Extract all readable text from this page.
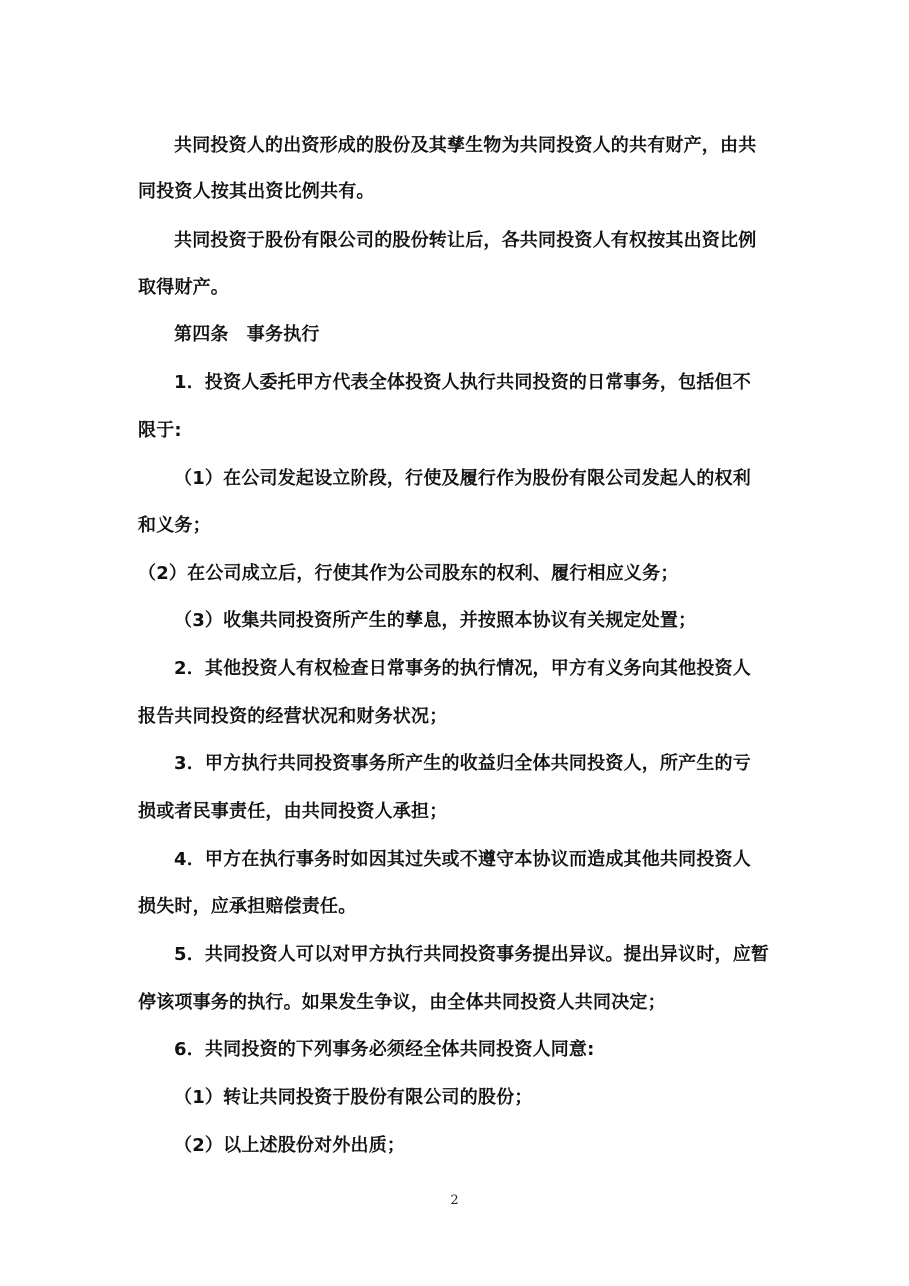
共同投资人的出资形成的股份及其孳生物为共同投资人的共有财产，由共
同投资人按其出资比例共有。
共同投资于股份有限公司的股份转让后，各共同投资人有权按其出资比例
取得财产。
第四条　事务执行
1．投资人委托甲方代表全体投资人执行共同投资的日常事务，包括但不
限于:
（1）在公司发起设立阶段，行使及履行作为股份有限公司发起人的权利
和义务；
（2）在公司成立后，行使其作为公司股东的权利、履行相应义务；
（3）收集共同投资所产生的孳息，并按照本协议有关规定处置；
2．其他投资人有权检查日常事务的执行情况，甲方有义务向其他投资人
报告共同投资的经营状况和财务状况；
3．甲方执行共同投资事务所产生的收益归全体共同投资人，所产生的亏
损或者民事责任，由共同投资人承担；
4．甲方在执行事务时如因其过失或不遵守本协议而造成其他共同投资人
损失时，应承担赔偿责任。
5．共同投资人可以对甲方执行共同投资事务提出异议。提出异议时，应暂
停该项事务的执行。如果发生争议，由全体共同投资人共同决定；
6．共同投资的下列事务必须经全体共同投资人同意:
（1）转让共同投资于股份有限公司的股份；
（2）以上述股份对外出质；
2
